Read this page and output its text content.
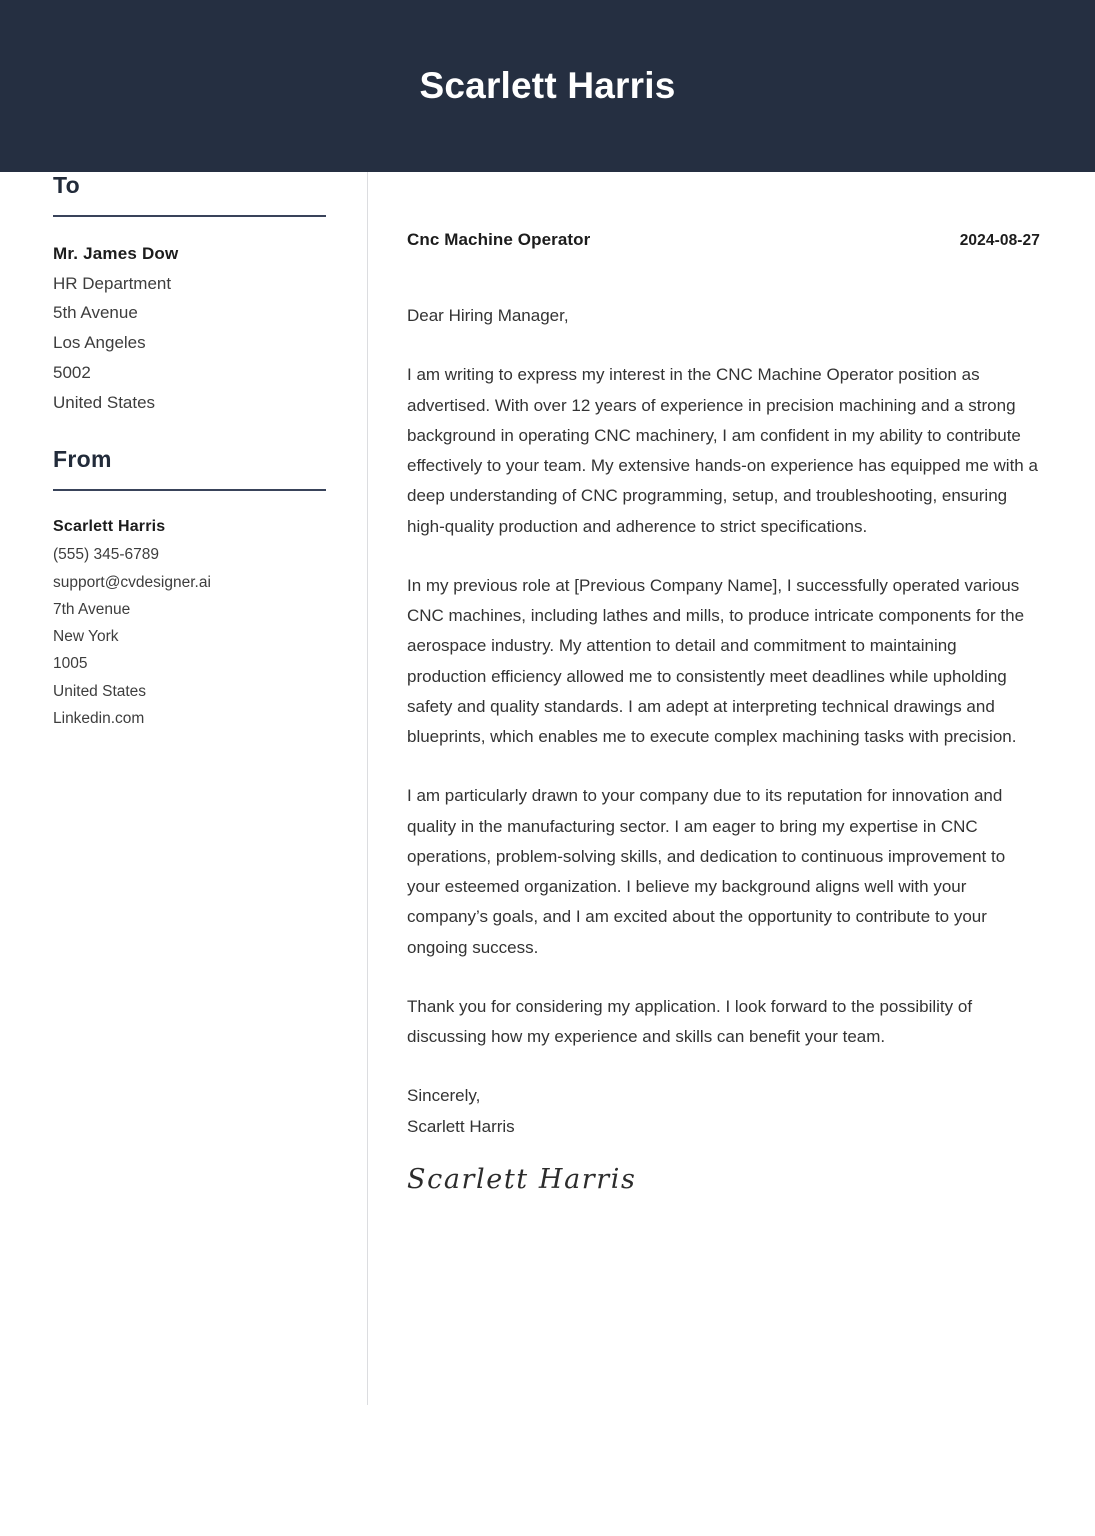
Scarlett Harris
To
Mr. James Dow
HR Department
5th Avenue
Los Angeles
5002
United States
From
Scarlett Harris
(555) 345-6789
support@cvdesigner.ai
7th Avenue
New York
1005
United States
Linkedin.com
Cnc Machine Operator	2024-08-27
Dear Hiring Manager,
I am writing to express my interest in the CNC Machine Operator position as advertised. With over 12 years of experience in precision machining and a strong background in operating CNC machinery, I am confident in my ability to contribute effectively to your team. My extensive hands-on experience has equipped me with a deep understanding of CNC programming, setup, and troubleshooting, ensuring high-quality production and adherence to strict specifications.
In my previous role at [Previous Company Name], I successfully operated various CNC machines, including lathes and mills, to produce intricate components for the aerospace industry. My attention to detail and commitment to maintaining production efficiency allowed me to consistently meet deadlines while upholding safety and quality standards. I am adept at interpreting technical drawings and blueprints, which enables me to execute complex machining tasks with precision.
I am particularly drawn to your company due to its reputation for innovation and quality in the manufacturing sector. I am eager to bring my expertise in CNC operations, problem-solving skills, and dedication to continuous improvement to your esteemed organization. I believe my background aligns well with your company’s goals, and I am excited about the opportunity to contribute to your ongoing success.
Thank you for considering my application. I look forward to the possibility of discussing how my experience and skills can benefit your team.
Sincerely,
Scarlett Harris
Scarlett Harris
